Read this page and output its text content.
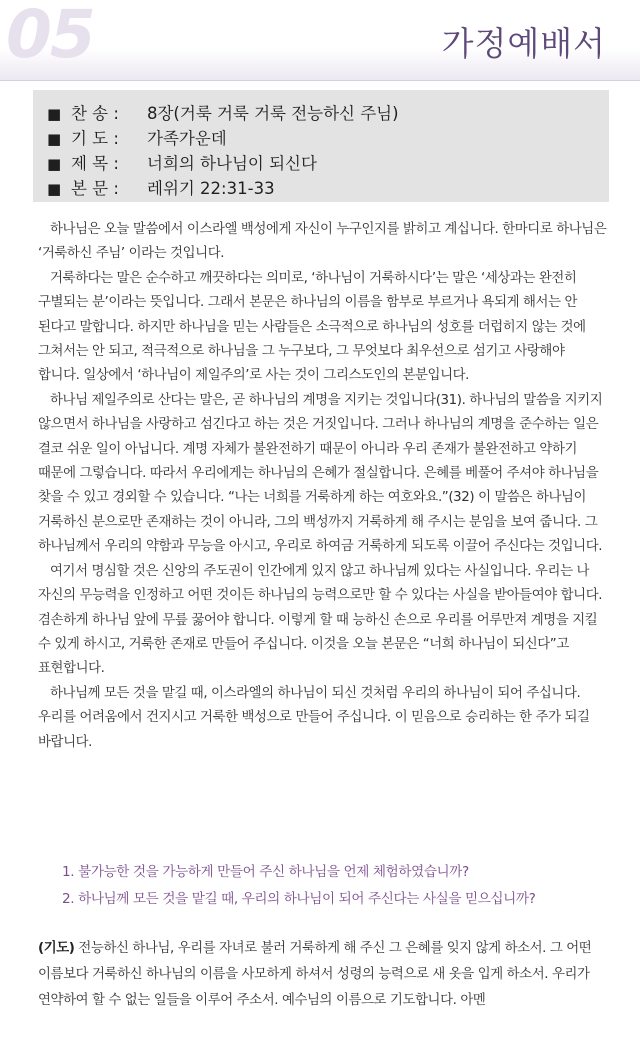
05	가정예배서
■ 찬 송 : 8장(거룩 거룩 거룩 전능하신 주님)
■ 기 도 : 가족가운데
■ 제 목 : 너희의 하나님이 되신다
■ 본 문 : 레위기 22:31-33

하나님은 오늘 말씀에서 이스라엘 백성에게 자신이 누구인지를 밝히고 계십니다. 한마디로 하나님은 ‘거룩하신 주님’ 이라는 것입니다.

거룩하다는 말은 순수하고 깨끗하다는 의미로, ‘하나님이 거룩하시다’는 말은 ‘세상과는 완전히 구별되는 분’이라는 뜻입니다. 그래서 본문은 하나님의 이름을 함부로 부르거나 욕되게 해서는 안 된다고 말합니다. 하지만 하나님을 믿는 사람들은 소극적으로 하나님의 성호를 더럽히지 않는 것에 그쳐서는 안 되고, 적극적으로 하나님을 그 누구보다, 그 무엇보다 최우선으로 섬기고 사랑해야 합니다. 일상에서 ‘하나님이 제일주의’로 사는 것이 그리스도인의 본분입니다.

하나님 제일주의로 산다는 말은, 곧 하나님의 계명을 지키는 것입니다(31). 하나님의 말씀을 지키지 않으면서 하나님을 사랑하고 섬긴다고 하는 것은 거짓입니다. 그러나 하나님의 계명을 준수하는 일은 결코 쉬운 일이 아닙니다. 계명 자체가 불완전하기 때문이 아니라 우리 존재가 불완전하고 약하기 때문에 그렇습니다. 따라서 우리에게는 하나님의 은혜가 절실합니다. 은혜를 베풀어 주셔야 하나님을 찾을 수 있고 경외할 수 있습니다. “나는 너희를 거룩하게 하는 여호와요.”(32) 이 말씀은 하나님이 거룩하신 분으로만 존재하는 것이 아니라, 그의 백성까지 거룩하게 해 주시는 분임을 보여 줍니다. 그 하나님께서 우리의 약함과 무능을 아시고, 우리로 하여금 거룩하게 되도록 이끌어 주신다는 것입니다.

여기서 명심할 것은 신앙의 주도권이 인간에게 있지 않고 하나님께 있다는 사실입니다. 우리는 나 자신의 무능력을 인정하고 어떤 것이든 하나님의 능력으로만 할 수 있다는 사실을 받아들여야 합니다.

겸손하게 하나님 앞에 무릎 꿇어야 합니다. 이렇게 할 때 능하신 손으로 우리를 어루만져 계명을 지킬 수 있게 하시고, 거룩한 존재로 만들어 주십니다. 이것을 오늘 본문은 “너희 하나님이 되신다”고 표현합니다.

하나님께 모든 것을 맡길 때, 이스라엘의 하나님이 되신 것처럼 우리의 하나님이 되어 주십니다. 우리를 어려움에서 건지시고 거룩한 백성으로 만들어 주십니다. 이 믿음으로 승리하는 한 주가 되길 바랍니다.

1. 불가능한 것을 가능하게 만들어 주신 하나님을 언제 체험하였습니까?
2. 하나님께 모든 것을 맡길 때, 우리의 하나님이 되어 주신다는 사실을 믿으십니까?
(기도) 전능하신 하나님, 우리를 자녀로 불러 거룩하게 해 주신 그 은혜를 잊지 않게 하소서. 그 어떤 이름보다 거룩하신 하나님의 이름을 사모하게 하셔서 성령의 능력으로 새 옷을 입게 하소서. 우리가 연약하여 할 수 없는 일들을 이루어 주소서. 예수님의 이름으로 기도합니다. 아멘
